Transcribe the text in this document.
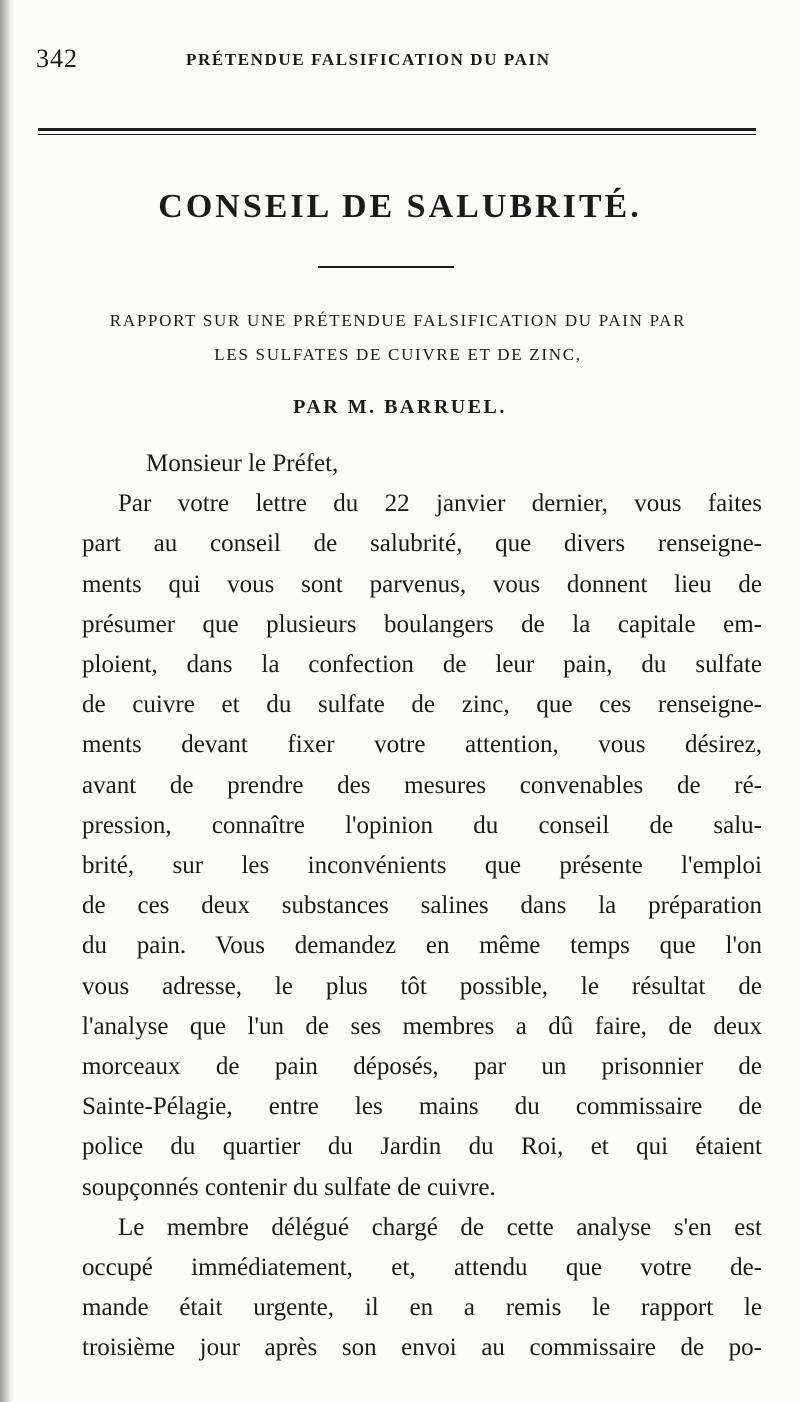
342	PRÉTENDUE FALSIFICATION DU PAIN
CONSEIL DE SALUBRITÉ.
RAPPORT SUR UNE PRÉTENDUE FALSIFICATION DU PAIN PAR
LES SULFATES DE CUIVRE ET DE ZINC,
PAR M. BARRUEL.

Monsieur le Préfet,

Par votre lettre du 22 janvier dernier, vous faites
part au conseil de salubrité, que divers renseigne-
ments qui vous sont parvenus, vous donnent lieu de
présumer que plusieurs boulangers de la capitale em-
ploient, dans la confection de leur pain, du sulfate
de cuivre et du sulfate de zinc, que ces renseigne-
ments devant fixer votre attention, vous désirez,
avant de prendre des mesures convenables de ré-
pression, connaître l'opinion du conseil de salu-
brité, sur les inconvénients que présente l'emploi
de ces deux substances salines dans la préparation
du pain. Vous demandez en même temps que l'on
vous adresse, le plus tôt possible, le résultat de
l'analyse que l'un de ses membres a dû faire, de deux
morceaux de pain déposés, par un prisonnier de
Sainte-Pélagie, entre les mains du commissaire de
police du quartier du Jardin du Roi, et qui étaient
soupçonnés contenir du sulfate de cuivre.

Le membre délégué chargé de cette analyse s'en est
occupé immédiatement, et, attendu que votre de-
mande était urgente, il en a remis le rapport le
troisième jour après son envoi au commissaire de po-
